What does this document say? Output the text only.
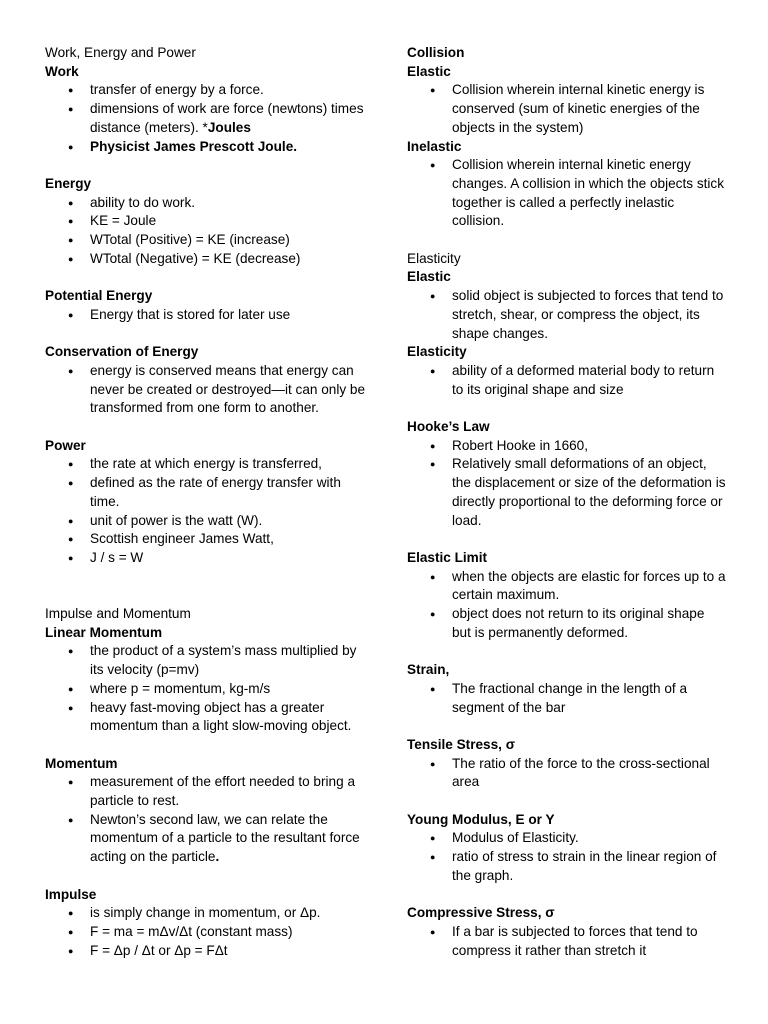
Work, Energy and Power

Work

● transfer of energy by a force.
● dimensions of work are force (newtons) times distance (meters). *Joules
● Physicist James Prescott Joule.

Energy

● ability to do work.
● KE = Joule
● WTotal (Positive) = KE (increase)
● WTotal (Negative) = KE (decrease)

Potential Energy

● Energy that is stored for later use

Conservation of Energy

● energy is conserved means that energy can never be created or destroyed—it can only be transformed from one form to another.

Power

● the rate at which energy is transferred,
● defined as the rate of energy transfer with time.
● unit of power is the watt (W).
● Scottish engineer James Watt,
● J / s = W

Impulse and Momentum

Linear Momentum

● the product of a system’s mass multiplied by its velocity (p=mv)
● where p = momentum, kg-m/s
● heavy fast-moving object has a greater momentum than a light slow-moving object.

Momentum

● measurement of the effort needed to bring a particle to rest.
● Newton’s second law, we can relate the momentum of a particle to the resultant force acting on the particle.

Impulse

● is simply change in momentum, or Δp.
● F = ma = mΔv/Δt (constant mass)
● F = Δp / Δt or Δp = FΔt

Collision

Elastic

● Collision wherein internal kinetic energy is conserved (sum of kinetic energies of the objects in the system)

Inelastic

● Collision wherein internal kinetic energy changes. A collision in which the objects stick together is called a perfectly inelastic collision.

Elasticity

Elastic

● solid object is subjected to forces that tend to stretch, shear, or compress the object, its shape changes.

Elasticity

● ability of a deformed material body to return to its original shape and size

Hooke’s Law

● Robert Hooke in 1660,
● Relatively small deformations of an object, the displacement or size of the deformation is directly proportional to the deforming force or load.

Elastic Limit

● when the objects are elastic for forces up to a certain maximum.
● object does not return to its original shape but is permanently deformed.

Strain,

● The fractional change in the length of a segment of the bar

Tensile Stress, σ

● The ratio of the force to the cross-sectional area

Young Modulus, E or Y

● Modulus of Elasticity.
● ratio of stress to strain in the linear region of the graph.

Compressive Stress, σ

● If a bar is subjected to forces that tend to compress it rather than stretch it
